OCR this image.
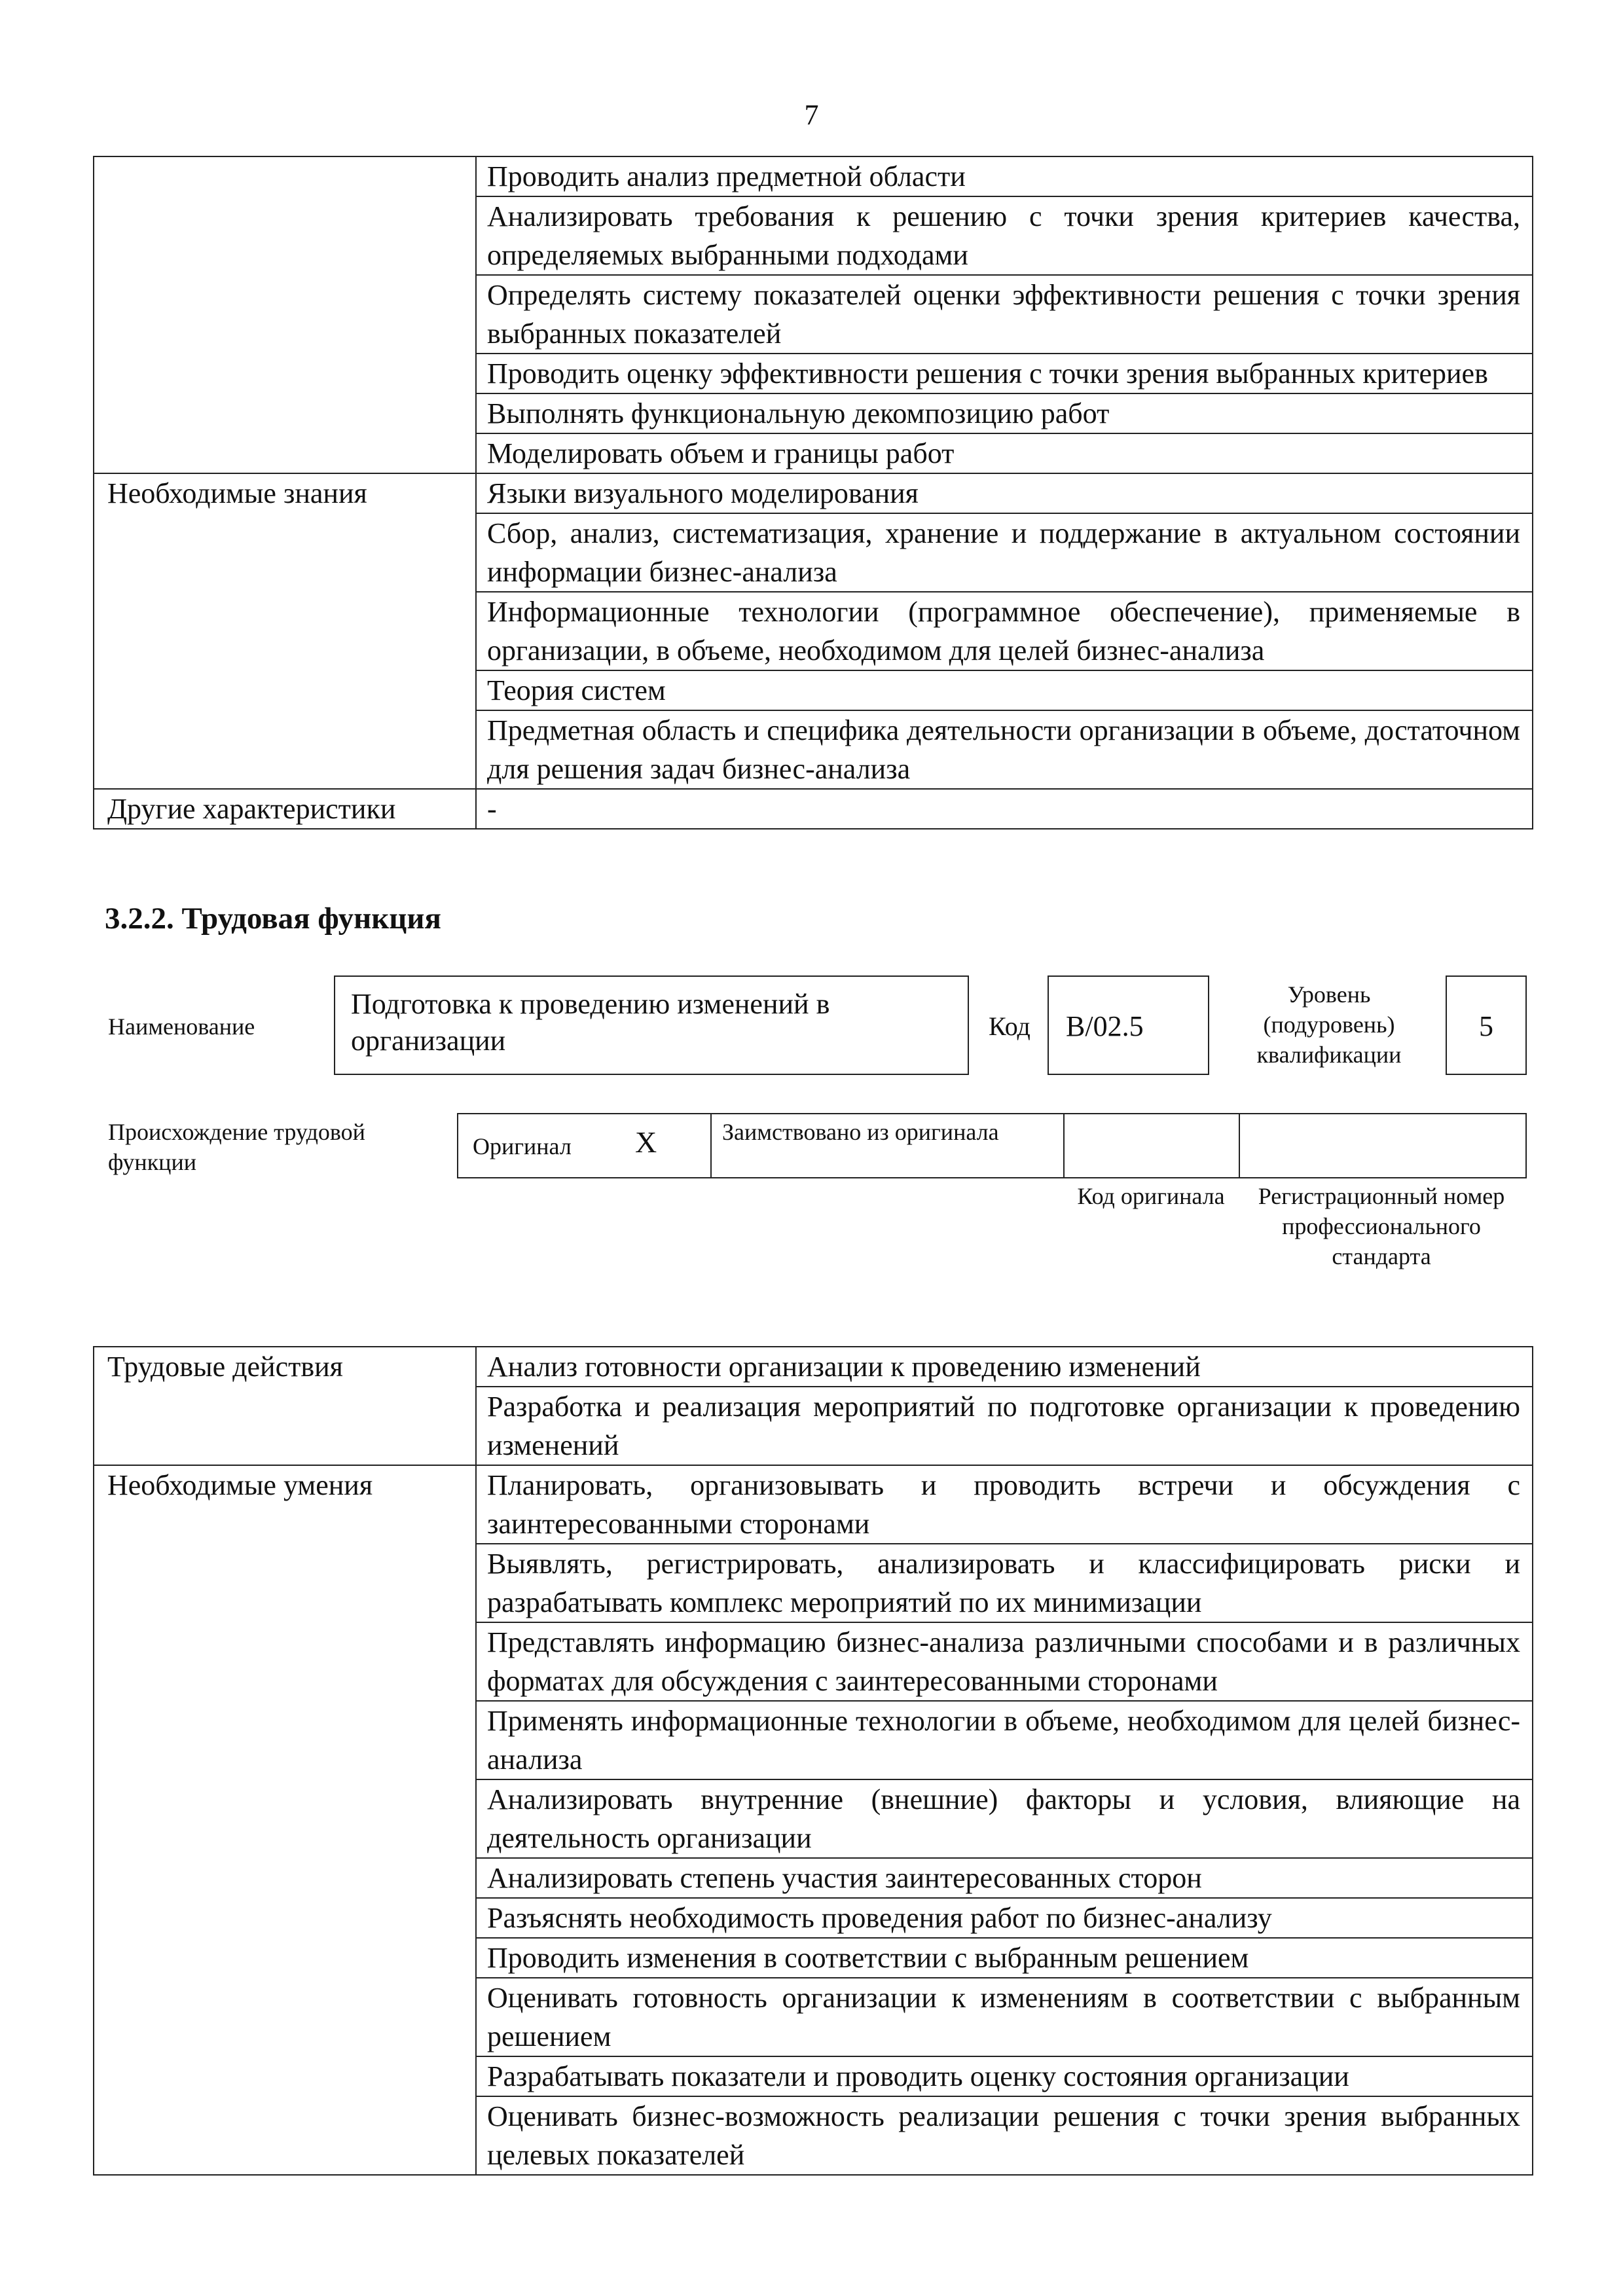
7
	Проводить анализ предметной области
	Анализировать требования к решению с точки зрения критериев качества, определяемых выбранными подходами
	Определять систему показателей оценки эффективности решения с точки зрения выбранных показателей
	Проводить оценку эффективности решения с точки зрения выбранных критериев
	Выполнять функциональную декомпозицию работ
	Моделировать объем и границы работ
Необходимые знания	Языки визуального моделирования
	Сбор, анализ, систематизация, хранение и поддержание в актуальном состоянии информации бизнес-анализа
	Информационные технологии (программное обеспечение), применяемые в организации, в объеме, необходимом для целей бизнес-анализа
	Теория систем
	Предметная область и специфика деятельности организации в объеме, достаточном для решения задач бизнес-анализа
Другие характеристики	-
3.2.2. Трудовая функция
Наименование
Подготовка к проведению изменений в организации	Код	B/02.5
Уровень (подуровень) квалификации
5
Происхождение трудовой функции
Оригинал X	Заимствовано из оригинала
Код оригинала	Регистрационный номер профессионального стандарта
Трудовые действия	Анализ готовности организации к проведению изменений
	Разработка и реализация мероприятий по подготовке организации к проведению изменений
Необходимые умения	Планировать, организовывать и проводить встречи и обсуждения с заинтересованными сторонами
	Выявлять, регистрировать, анализировать и классифицировать риски и разрабатывать комплекс мероприятий по их минимизации
	Представлять информацию бизнес-анализа различными способами и в различных форматах для обсуждения с заинтересованными сторонами
	Применять информационные технологии в объеме, необходимом для целей бизнес-анализа
	Анализировать внутренние (внешние) факторы и условия, влияющие на деятельность организации
	Анализировать степень участия заинтересованных сторон
	Разъяснять необходимость проведения работ по бизнес-анализу
	Проводить изменения в соответствии с выбранным решением
	Оценивать готовность организации к изменениям в соответствии с выбранным решением
	Разрабатывать показатели и проводить оценку состояния организации
	Оценивать бизнес-возможность реализации решения с точки зрения выбранных целевых показателей
